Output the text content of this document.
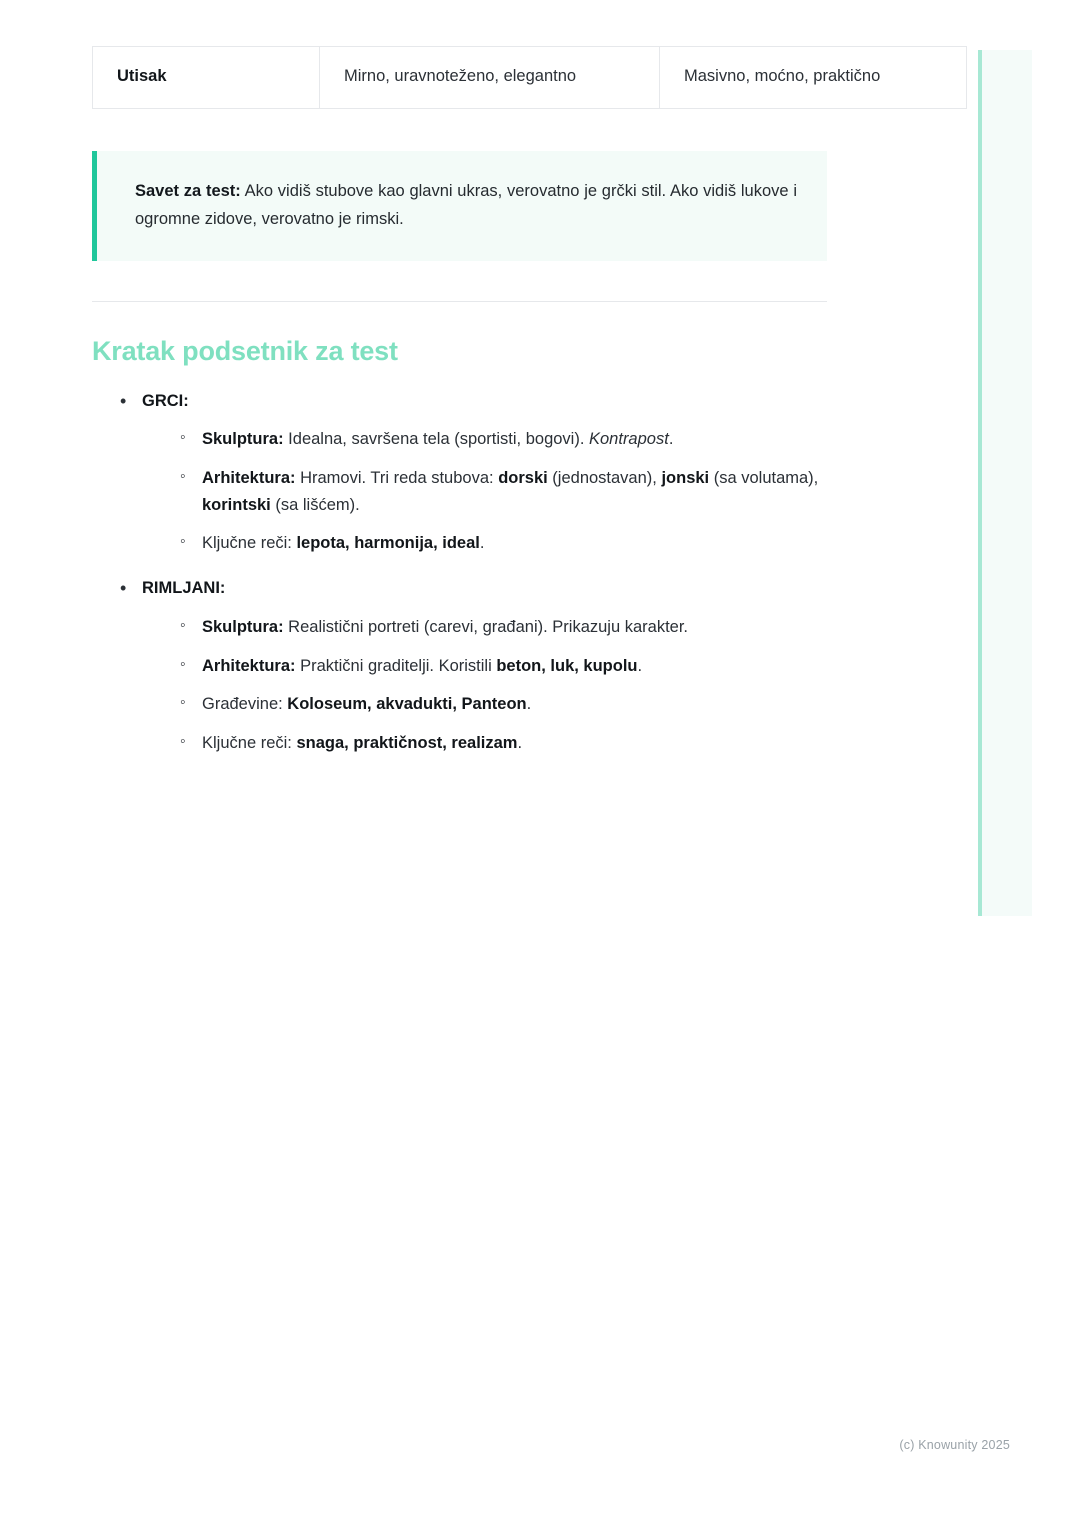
Utisak	Mirno, uravnoteženo, elegantno	Masivno, moćno, praktično
Savet za test: Ako vidiš stubove kao glavni ukras, verovatno je grčki stil. Ako vidiš lukove i ogromne zidove, verovatno je rimski.
Kratak podsetnik za test
• GRCI:
◦ Skulptura: Idealna, savršena tela (sportisti, bogovi). Kontrapost.
◦ Arhitektura: Hramovi. Tri reda stubova: dorski (jednostavan), jonski (sa volutama), korintski (sa lišćem).
◦ Ključne reči: lepota, harmonija, ideal.
• RIMLJANI:
◦ Skulptura: Realistični portreti (carevi, građani). Prikazuju karakter.
◦ Arhitektura: Praktični graditelji. Koristili beton, luk, kupolu.
◦ Građevine: Koloseum, akvadukti, Panteon.
◦ Ključne reči: snaga, praktičnost, realizam.
(c) Knowunity 2025
